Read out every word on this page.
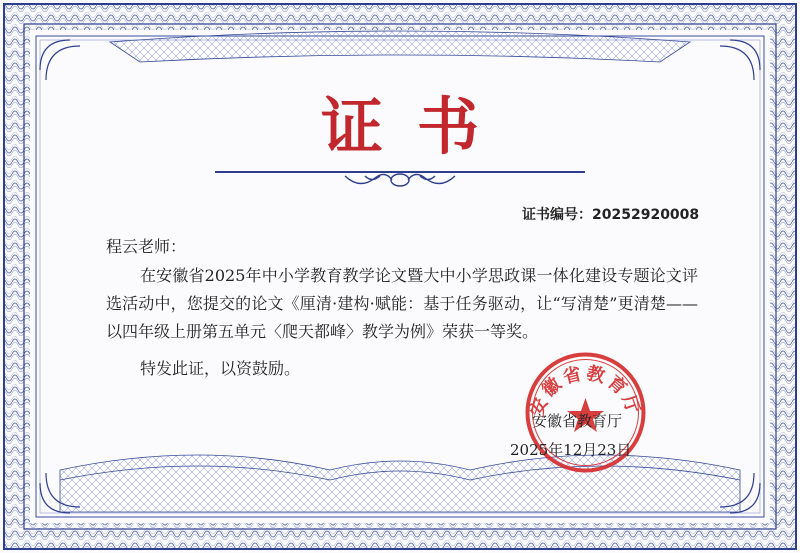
证书
证书编号：20252920008
程云老师：
在安徽省2025年中小学教育教学论文暨大中小学思政课一体化建设专题论文评选活动中，您提交的论文《厘清·建构·赋能：基于任务驱动，让“写清楚”更清楚——以四年级上册第五单元〈爬天都峰〉教学为例》荣获一等奖。
特发此证，以资鼓励。
安徽省教育厅
安徽省教育厅
2025年12月23日
